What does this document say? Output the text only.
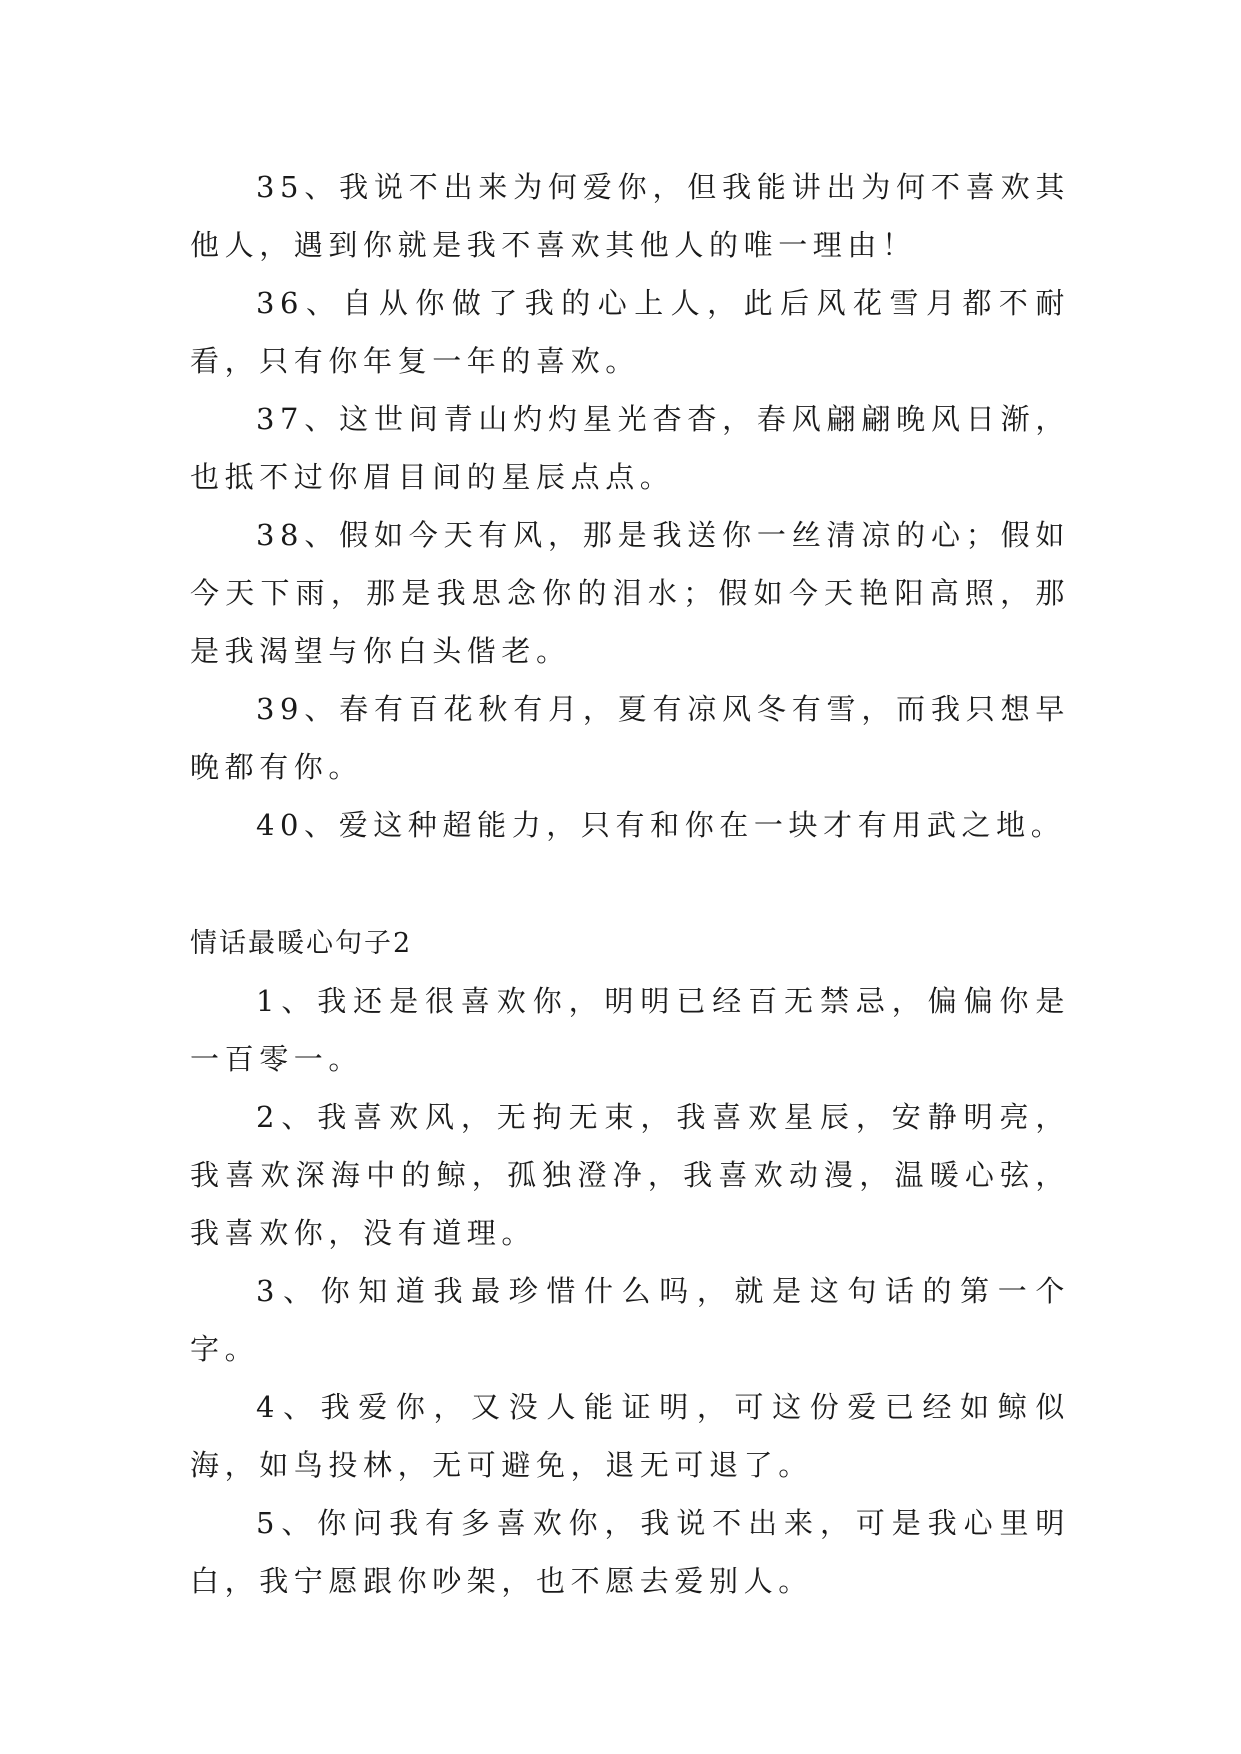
35、我说不出来为何爱你，但我能讲出为何不喜欢其他人，遇到你就是我不喜欢其他人的唯一理由！

36、自从你做了我的心上人，此后风花雪月都不耐看，只有你年复一年的喜欢。

37、这世间青山灼灼星光杳杳，春风翩翩晚风日渐，也抵不过你眉目间的星辰点点。

38、假如今天有风，那是我送你一丝清凉的心；假如今天下雨，那是我思念你的泪水；假如今天艳阳高照，那是我渴望与你白头偕老。

39、春有百花秋有月，夏有凉风冬有雪，而我只想早晚都有你。

40、爱这种超能力，只有和你在一块才有用武之地。

情话最暖心句子2

1、我还是很喜欢你，明明已经百无禁忌，偏偏你是一百零一。

2、我喜欢风，无拘无束，我喜欢星辰，安静明亮，我喜欢深海中的鲸，孤独澄净，我喜欢动漫，温暖心弦，我喜欢你，没有道理。

3、你知道我最珍惜什么吗，就是这句话的第一个字。

4、我爱你，又没人能证明，可这份爱已经如鲸似海，如鸟投林，无可避免，退无可退了。

5、你问我有多喜欢你，我说不出来，可是我心里明白，我宁愿跟你吵架，也不愿去爱别人。
